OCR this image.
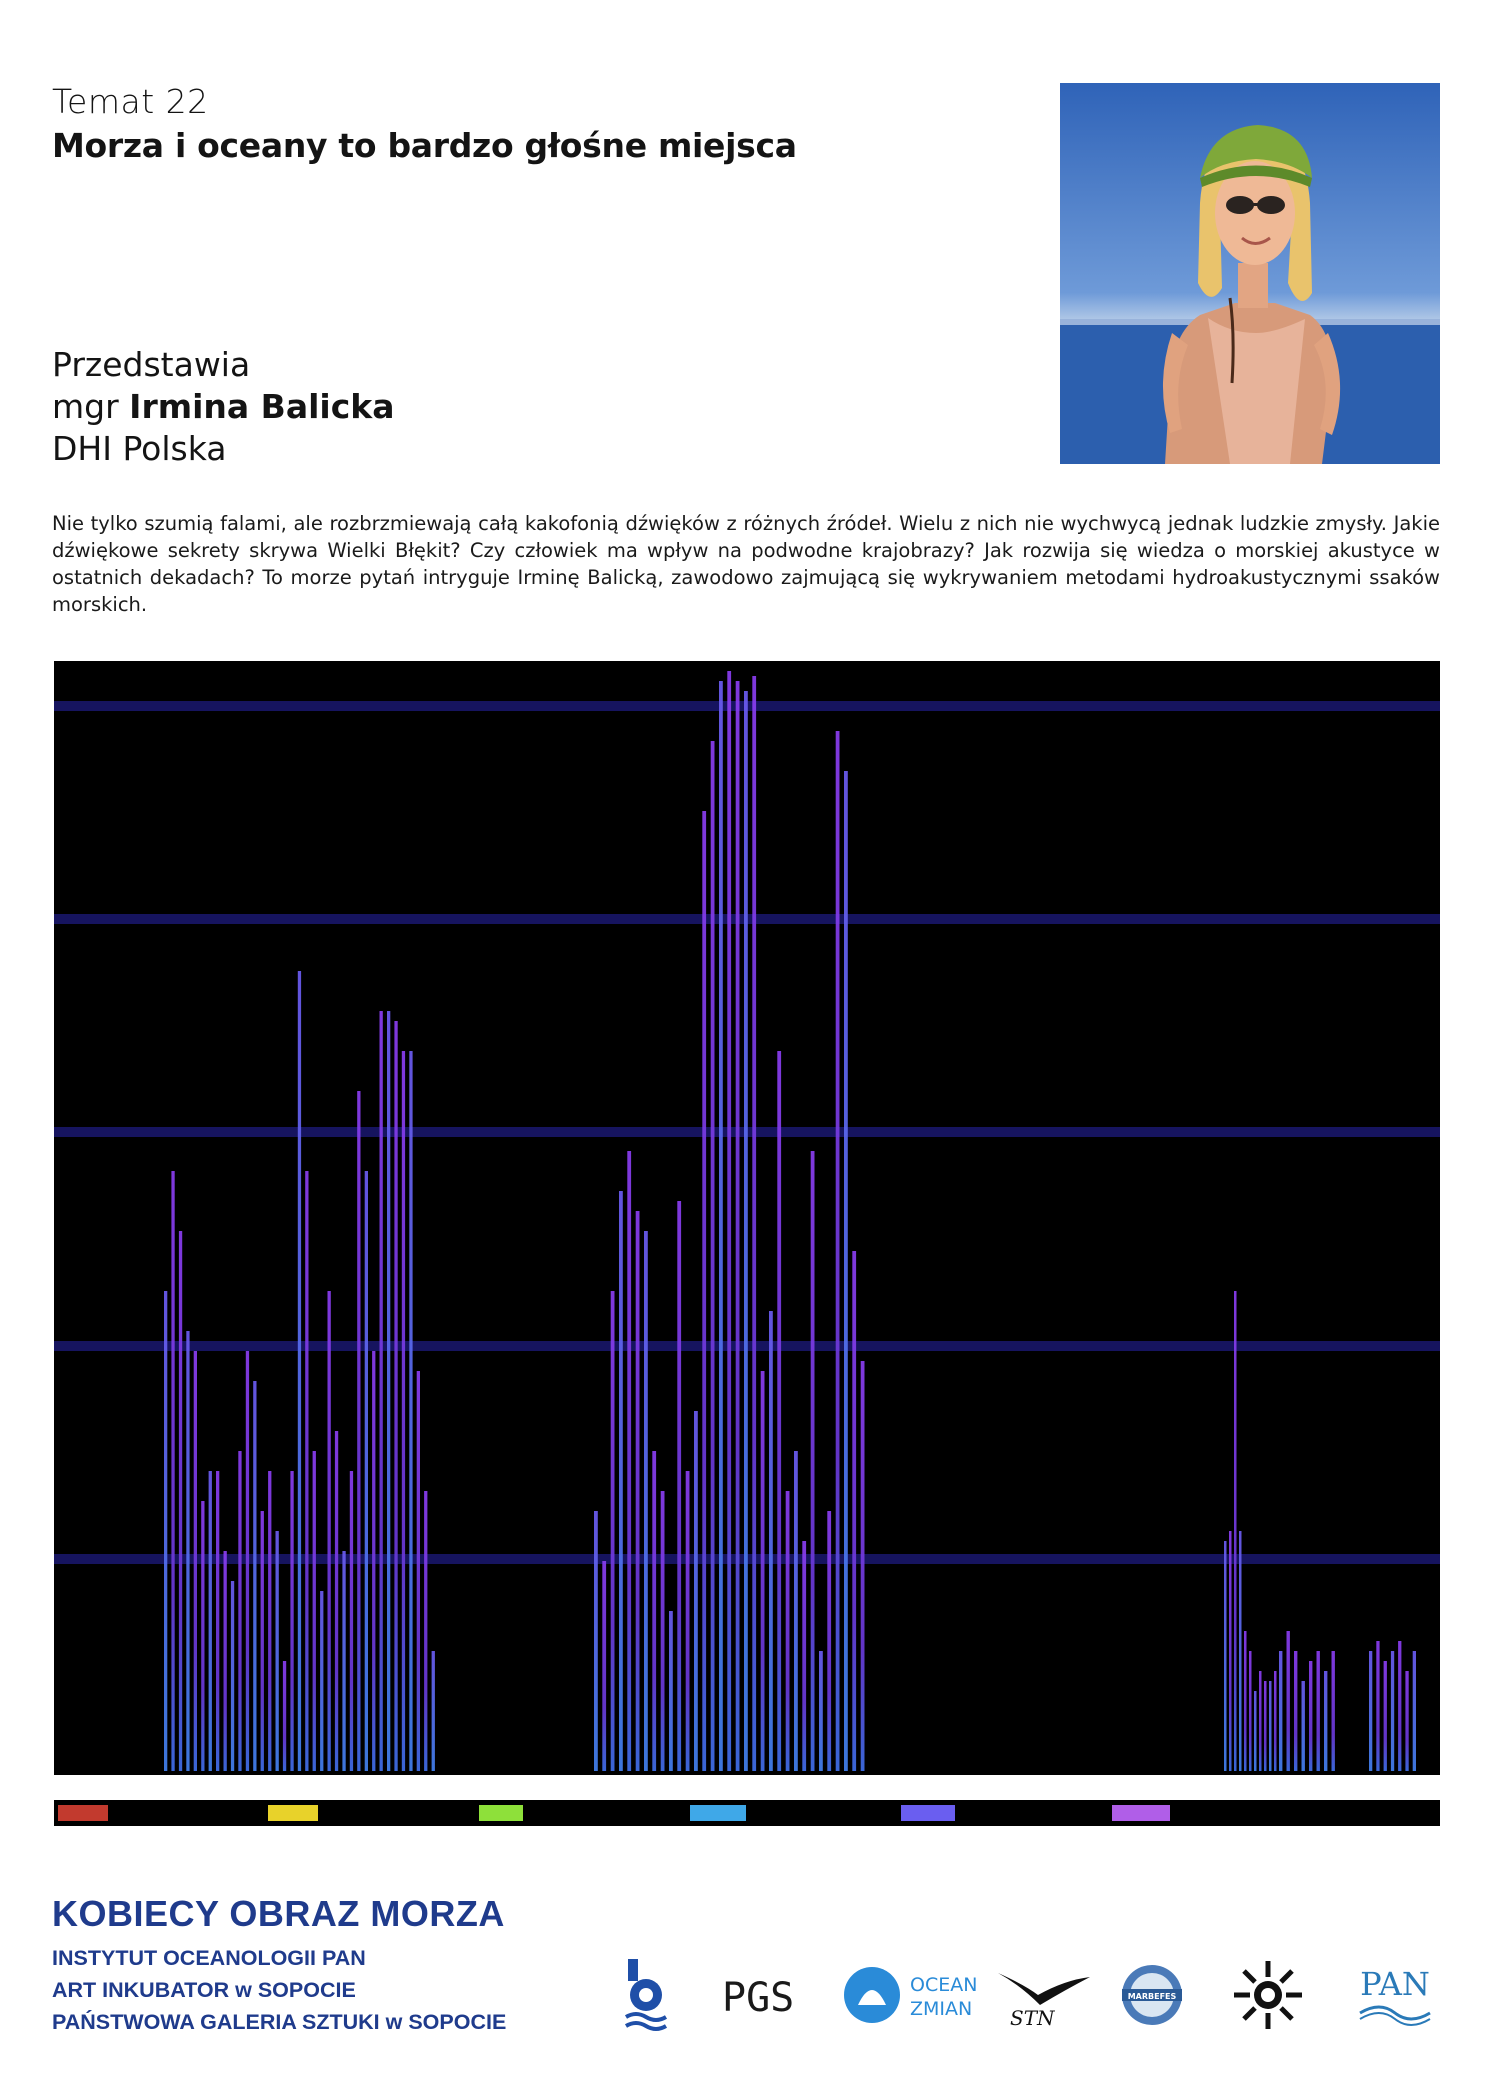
Temat 22
Morza i oceany to bardzo głośne miejsca
Przedstawia
mgr Irmina Balicka
DHI Polska
Nie tylko szumią falami, ale rozbrzmiewają całą kakofonią dźwięków z różnych źródeł. Wielu z nich nie wychwycą jednak ludzkie zmysły. Jakie dźwiękowe sekrety skrywa Wielki Błękit? Czy człowiek ma wpływ na podwodne krajobrazy? Jak rozwija się wiedza o morskiej akustyce w ostatnich dekadach? To morze pytań intryguje Irminę Balicką, zawodowo zajmującą się wykrywaniem metodami hydroakustycznymi ssaków morskich.
KOBIECY OBRAZ MORZA
INSTYTUT OCEANOLOGII PAN
ART INKUBATOR w SOPOCIE
PAŃSTWOWA GALERIA SZTUKI w SOPOCIE
PGS	OCEAN
ZMIAN STN
MARBEFES	PAN
